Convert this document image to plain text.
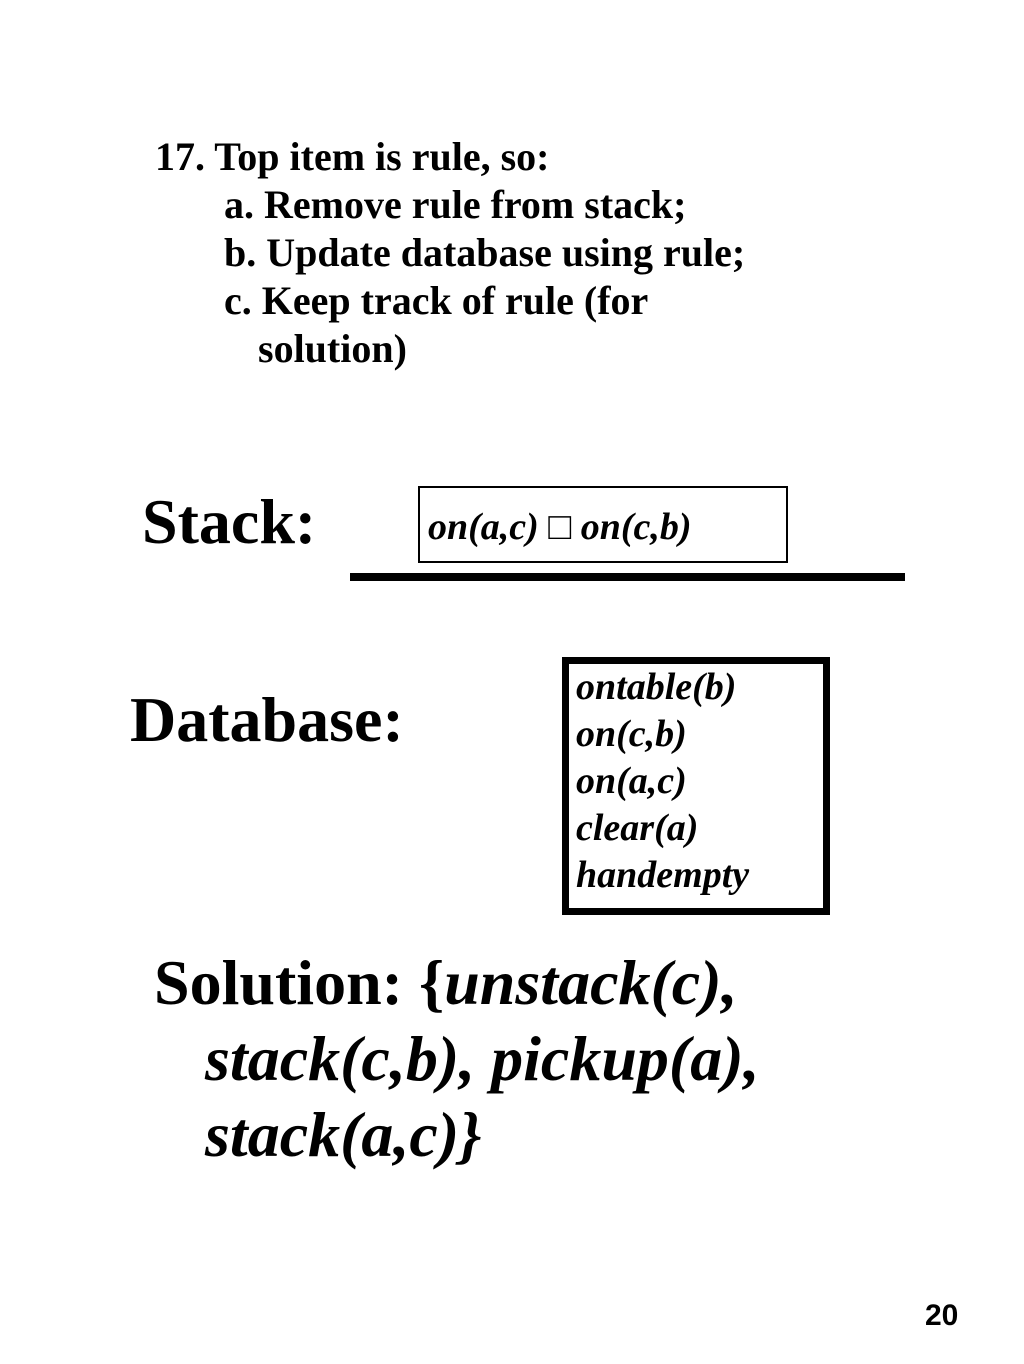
17. Top item is rule, so:
a. Remove rule from stack;
b. Update database using rule;
c. Keep track of rule (for
solution)
Stack:	on(a,c) □ on(c,b)
Database:	ontable(b)
on(c,b)
on(a,c)
clear(a)
handempty
Solution: {unstack(c),
stack(c,b), pickup(a),
stack(a,c)}
20
